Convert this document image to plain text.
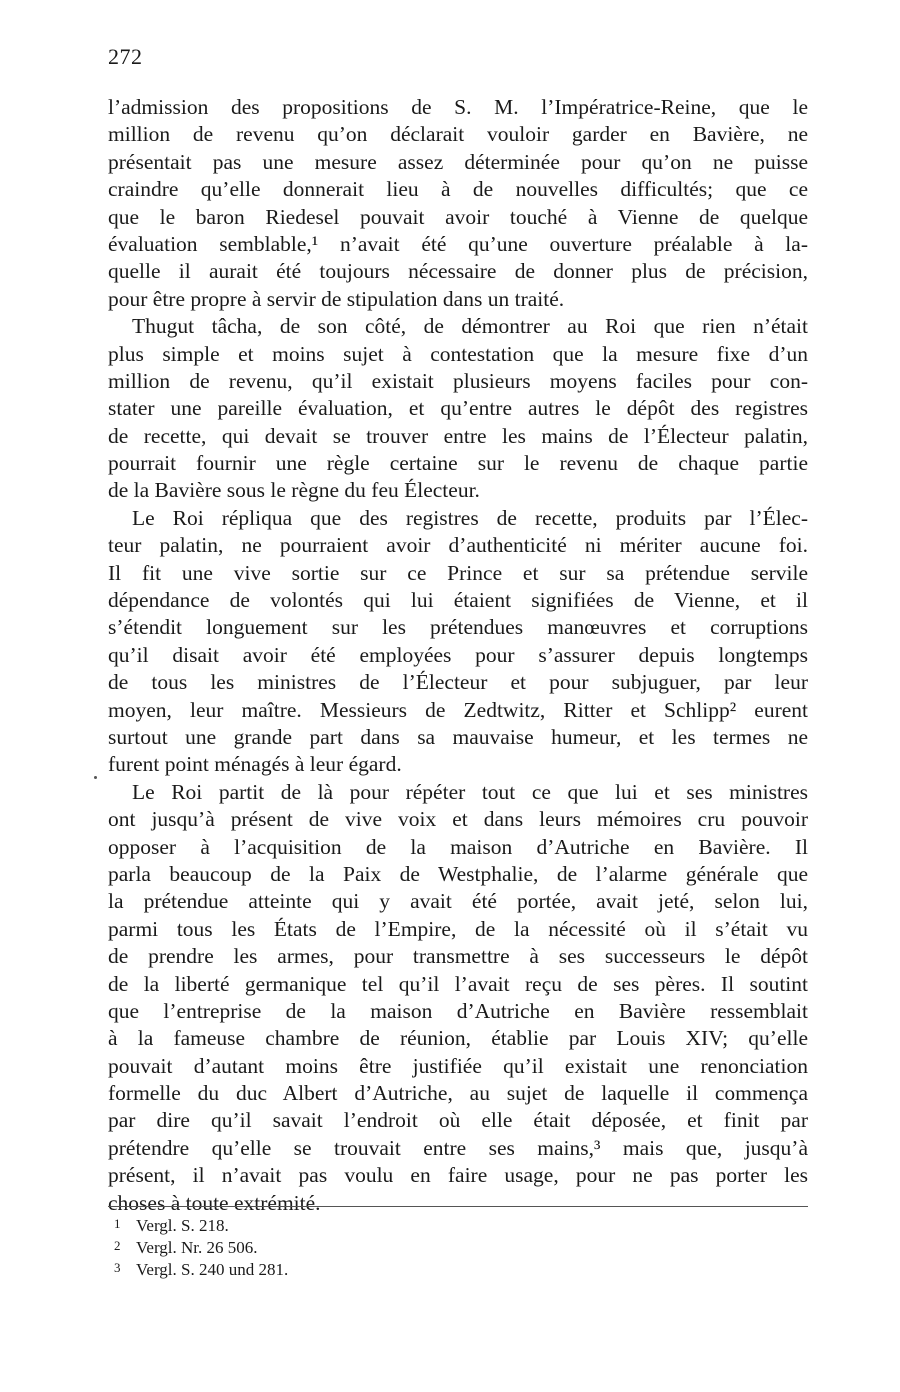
272
l’admission des propositions de S. M. l’Impératrice-Reine, que le
million de revenu qu’on déclarait vouloir garder en Bavière, ne
présentait pas une mesure assez déterminée pour qu’on ne puisse
craindre qu’elle donnerait lieu à de nouvelles difficultés; que ce
que le baron Riedesel pouvait avoir touché à Vienne de quelque
évaluation semblable,¹ n’avait été qu’une ouverture préalable à la-
quelle il aurait été toujours nécessaire de donner plus de précision,
pour être propre à servir de stipulation dans un traité.
Thugut tâcha, de son côté, de démontrer au Roi que rien n’était
plus simple et moins sujet à contestation que la mesure fixe d’un
million de revenu, qu’il existait plusieurs moyens faciles pour con-
stater une pareille évaluation, et qu’entre autres le dépôt des registres
de recette, qui devait se trouver entre les mains de l’Électeur palatin,
pourrait fournir une règle certaine sur le revenu de chaque partie
de la Bavière sous le règne du feu Électeur.
Le Roi répliqua que des registres de recette, produits par l’Élec-
teur palatin, ne pourraient avoir d’authenticité ni mériter aucune foi.
Il fit une vive sortie sur ce Prince et sur sa prétendue servile
dépendance de volontés qui lui étaient signifiées de Vienne, et il
s’étendit longuement sur les prétendues manœuvres et corruptions
qu’il disait avoir été employées pour s’assurer depuis longtemps
de tous les ministres de l’Électeur et pour subjuguer, par leur
moyen, leur maître. Messieurs de Zedtwitz, Ritter et Schlipp² eurent
surtout une grande part dans sa mauvaise humeur, et les termes ne
furent point ménagés à leur égard.
Le Roi partit de là pour répéter tout ce que lui et ses ministres
ont jusqu’à présent de vive voix et dans leurs mémoires cru pouvoir
opposer à l’acquisition de la maison d’Autriche en Bavière. Il
parla beaucoup de la Paix de Westphalie, de l’alarme générale que
la prétendue atteinte qui y avait été portée, avait jeté, selon lui,
parmi tous les États de l’Empire, de la nécessité où il s’était vu
de prendre les armes, pour transmettre à ses successeurs le dépôt
de la liberté germanique tel qu’il l’avait reçu de ses pères. Il soutint
que l’entreprise de la maison d’Autriche en Bavière ressemblait
à la fameuse chambre de réunion, établie par Louis XIV; qu’elle
pouvait d’autant moins être justifiée qu’il existait une renonciation
formelle du duc Albert d’Autriche, au sujet de laquelle il commença
par dire qu’il savait l’endroit où elle était déposée, et finit par
prétendre qu’elle se trouvait entre ses mains,³ mais que, jusqu’à
présent, il n’avait pas voulu en faire usage, pour ne pas porter les
choses à toute extrémité.
1 Vergl. S. 218.
2 Vergl. Nr. 26 506.
3 Vergl. S. 240 und 281.
